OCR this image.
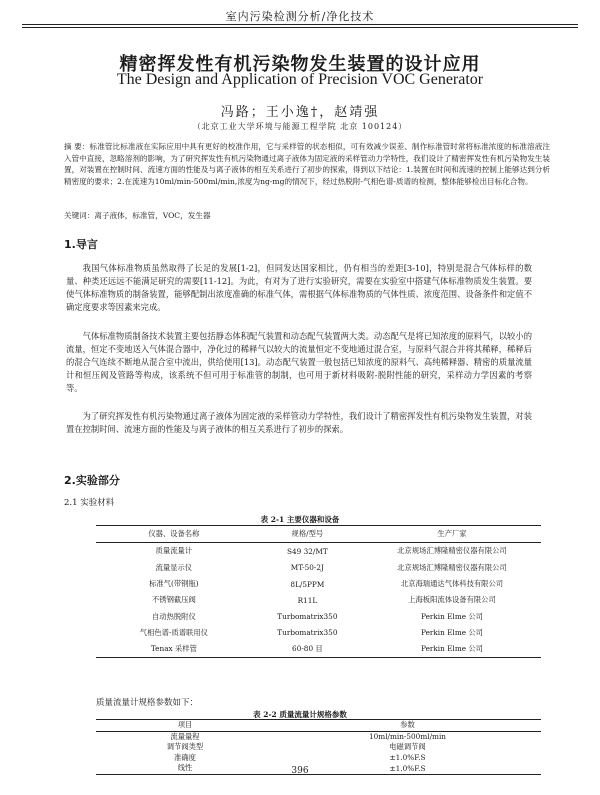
室内污染检测分析/净化技术
精密挥发性有机污染物发生装置的设计应用
The Design and Application of Precision VOC Generator
冯路；王小逸†，赵靖强
（北京工业大学环境与能源工程学院 北京 100124）
摘 要：标准管比标准液在实际应用中具有更好的校准作用，它与采样管的状态相似，可有效减少误差、制作标准管时常将标准浓度的标准溶液注入管中直接，忽略溶剂的影响，为了研究挥发性有机污染物通过离子液体为固定液的采样管动力学特性，我们设计了精密挥发性有机污染物发生装置，对装置在控制时间、流速方面的性能及与离子液体的相互关系进行了初步的探索，得到以下结论：1.装置在时间和流速的控制上能够达到分析精密度的要求；2.在流速为10ml/min-500ml/min,浓度为ng-mg的情况下，经过热脱附-气相色谱-质谱的检测，整体能够检出目标化合物。
关键词：离子液体，标准管，VOC，发生器
1.导言
我国气体标准物质虽然取得了长足的发展[1-2]，但同发达国家相比，仍有相当的差距[3-10]，特别是混合气体标样的数量、种类还远远不能满足研究的需要[11-12]。为此，有对为了进行实验研究，需要在实验室中搭建气体标准物质发生装置。要使气体标准物质的制备装置，能够配制出浓度准确的标准气体，需根据气体标准物质的气体性质、浓度范围、设备条件和定值不确定度要求等因素来完成。
气体标准物质制备技术装置主要包括静态体积配气装置和动态配气装置两大类。动态配气是将已知浓度的原料气，以较小的流量，恒定不变地送入气体混合器中，净化过的稀释气以较大的流量恒定不变地通过混合室，与原料气混合并将其稀释，稀释后的混合气连续不断地从混合室中流出，供给使用[13]。动态配气装置一般包括已知浓度的原料气、高纯稀释器、精密的质量流量计和恒压阀及管路等构成，该系统不但可用于标准管的制制，也可用于新材料吸附-脱附性能的研究，采样动力学因素的考察等。
为了研究挥发性有机污染物通过离子液体为固定液的采样管动力学特性，我们设计了精密挥发性有机污染物发生装置，对装置在控制时间、流速方面的性能及与离子液体的相互关系进行了初步的探索。
2.实验部分
2.1 实验材料
表 2-1 主要仪器和设备
仪器、设备名称	规格/型号	生产厂家
质量流量计	S49 32/MT	北京规场汇博隆精密仪器有限公司
流量显示仪	MT-50-2J	北京规场汇博隆精密仪器有限公司
标准气(带钢瓶)	8L/5PPM	北京海瑞通达气体科技有限公司
不锈钢截压阀	R11L	上海板阳流体设备有限公司
自动热脱附仪	Turbomatrix350	Perkin Elme 公司
气相色谱-质谱联用仪	Turbomatrix350	Perkin Elme 公司
Tenax 采样管	60-80 目	Perkin Elme 公司
质量流量计规格参数如下：
表 2-2 质量流量计规格参数
项目	参数
流量量程	10ml/min-500ml/min
调节阀类型	电磁调节阀
准确度	±1.0%F.S
线性	±1.0%F.S
396
